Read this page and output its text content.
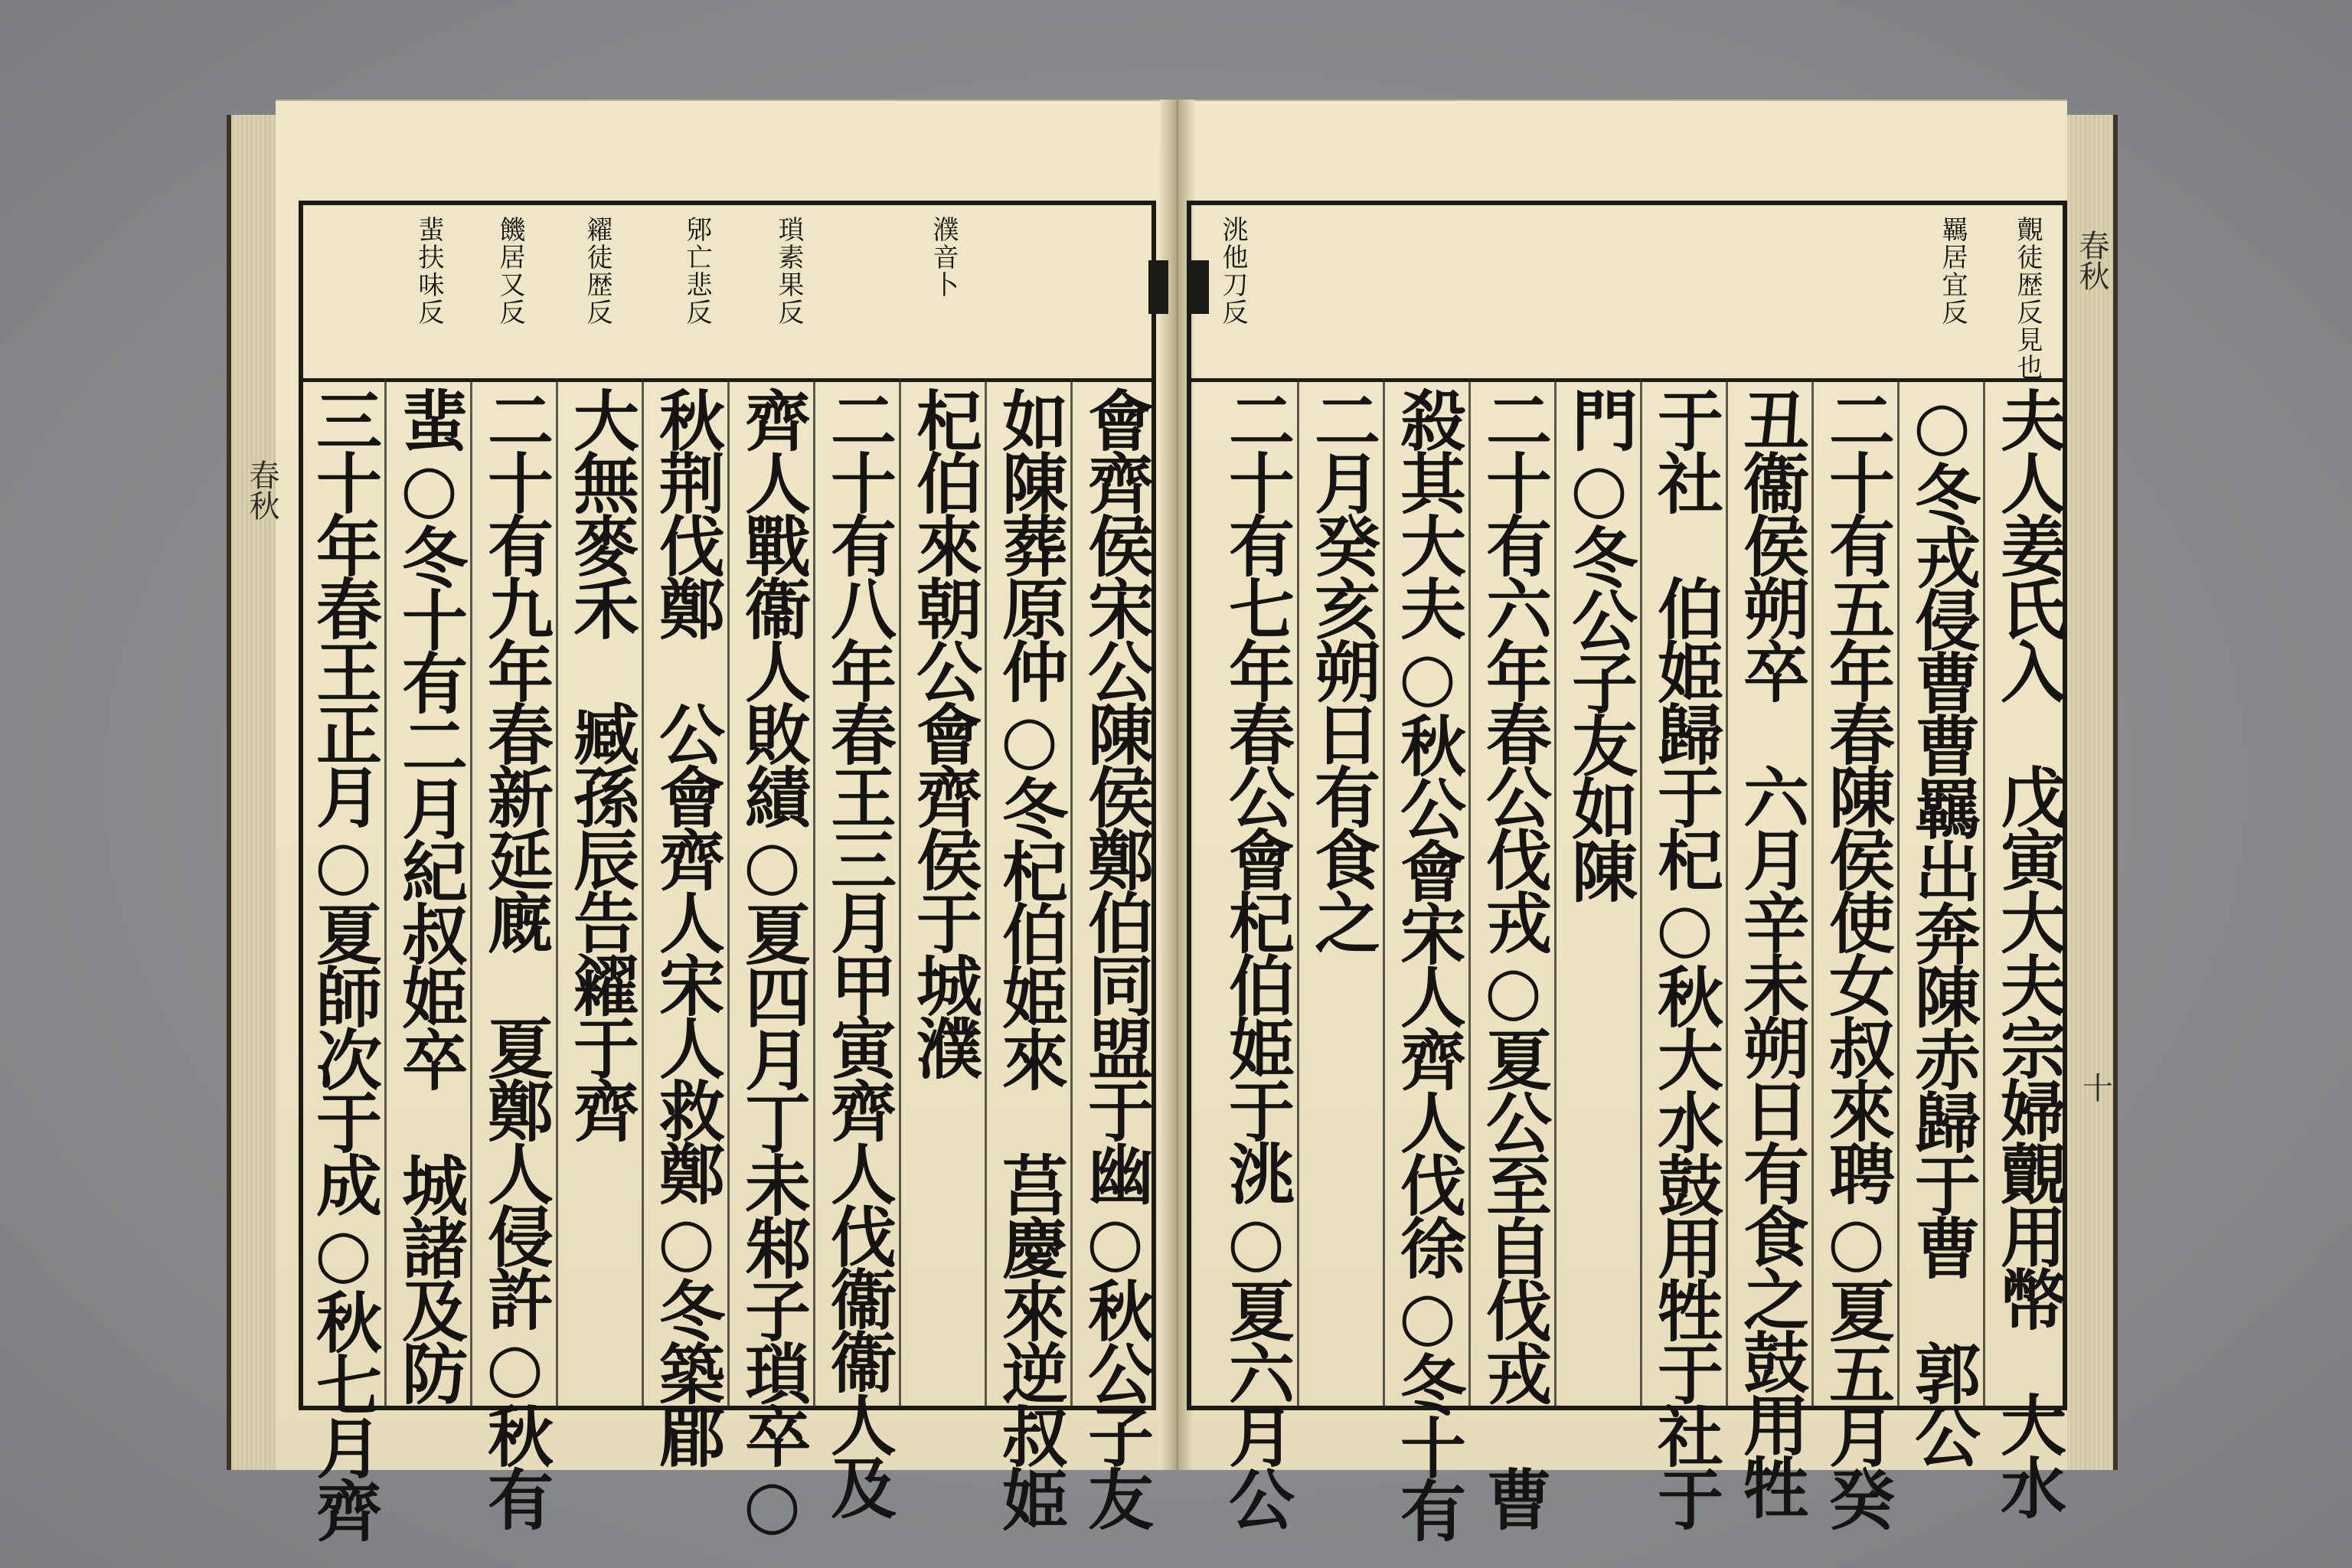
春秋
春秋
十
濮音卜
瑣素果反
郳亡悲反
糴徒歴反
饑居又反
蜚扶味反
會齊侯宋公陳侯鄭伯同盟于幽○秋公子友
如陳葬原仲○冬杞伯姫來　莒慶來逆叔姫
杞伯來朝公會齊侯于城濮
二十有八年春王三月甲寅齊人伐衞衞人及
齊人戰衞人敗績○夏四月丁未邾子瑣卒○
秋荆伐鄭　公會齊人宋人救鄭○冬築郿
大無麥禾　臧孫辰告糴于齊
二十有九年春新延廐　夏鄭人侵許○秋有
蜚○冬十有二月紀叔姫卒　城諸及防
三十年春王正月○夏師次于成○秋七月齊
覿徒歴反見也
羈居宜反
洮他刀反
夫人姜氏入　戊寅大夫宗婦覿用幣　大水
○冬戎侵曹曹羈出奔陳赤歸于曹　郭公
二十有五年春陳侯使女叔來聘○夏五月癸
丑衞侯朔卒　六月辛未朔日有食之鼓用牲
于社　伯姫歸于杞○秋大水鼓用牲于社于
門○冬公子友如陳
二十有六年春公伐戎○夏公至自伐戎　曹
殺其大夫○秋公會宋人齊人伐徐○冬十有
二月癸亥朔日有食之
二十有七年春公會杞伯姫于洮○夏六月公
